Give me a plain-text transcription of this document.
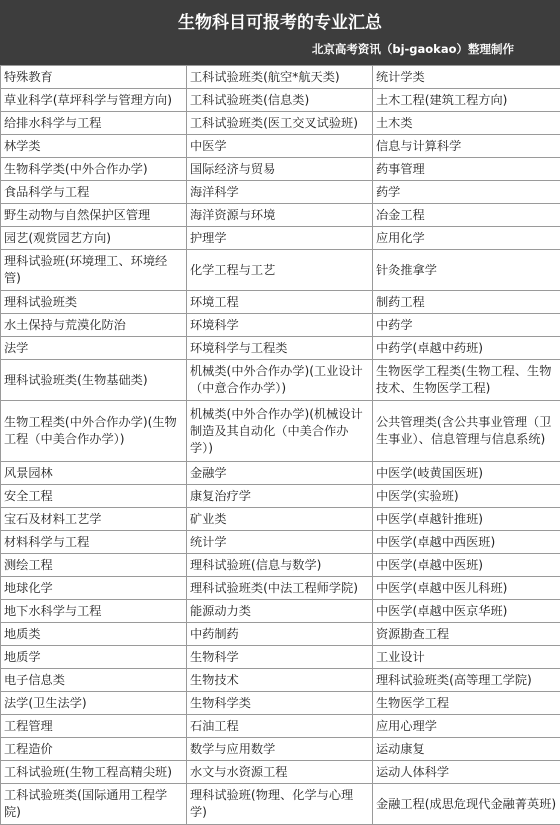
生物科目可报考的专业汇总
北京高考资讯（bj-gaokao）整理制作
特殊教育	工科试验班类(航空*航天类)	统计学类
草业科学(草坪科学与管理方向)	工科试验班类(信息类)	土木工程(建筑工程方向)
给排水科学与工程	工科试验班类(医工交叉试验班)	土木类
林学类	中医学	信息与计算科学
生物科学类(中外合作办学)	国际经济与贸易	药事管理
食品科学与工程	海洋科学	药学
野生动物与自然保护区管理	海洋资源与环境	冶金工程
园艺(观赏园艺方向)	护理学	应用化学
理科试验班(环境理工、环境经管)	化学工程与工艺	针灸推拿学
理科试验班类	环境工程	制药工程
水土保持与荒漠化防治	环境科学	中药学
法学	环境科学与工程类	中药学(卓越中药班)
理科试验班类(生物基础类)	机械类(中外合作办学)(工业设计（中意合作办学）)	生物医学工程类(生物工程、生物技术、生物医学工程)
生物工程类(中外合作办学)(生物工程（中美合作办学）)	机械类(中外合作办学)(机械设计制造及其自动化（中美合作办学）)	公共管理类(含公共事业管理（卫生事业）、信息管理与信息系统)
风景园林	金融学	中医学(岐黄国医班)
安全工程	康复治疗学	中医学(实验班)
宝石及材料工艺学	矿业类	中医学(卓越针推班)
材料科学与工程	统计学	中医学(卓越中西医班)
测绘工程	理科试验班(信息与数学)	中医学(卓越中医班)
地球化学	理科试验班类(中法工程师学院)	中医学(卓越中医儿科班)
地下水科学与工程	能源动力类	中医学(卓越中医京华班)
地质类	中药制药	资源勘查工程
地质学	生物科学	工业设计
电子信息类	生物技术	理科试验班类(高等理工学院)
法学(卫生法学)	生物科学类	生物医学工程
工程管理	石油工程	应用心理学
工程造价	数学与应用数学	运动康复
工科试验班(生物工程高精尖班)	水文与水资源工程	运动人体科学
工科试验班类(国际通用工程学院)	理科试验班(物理、化学与心理学)	金融工程(成思危现代金融菁英班)
